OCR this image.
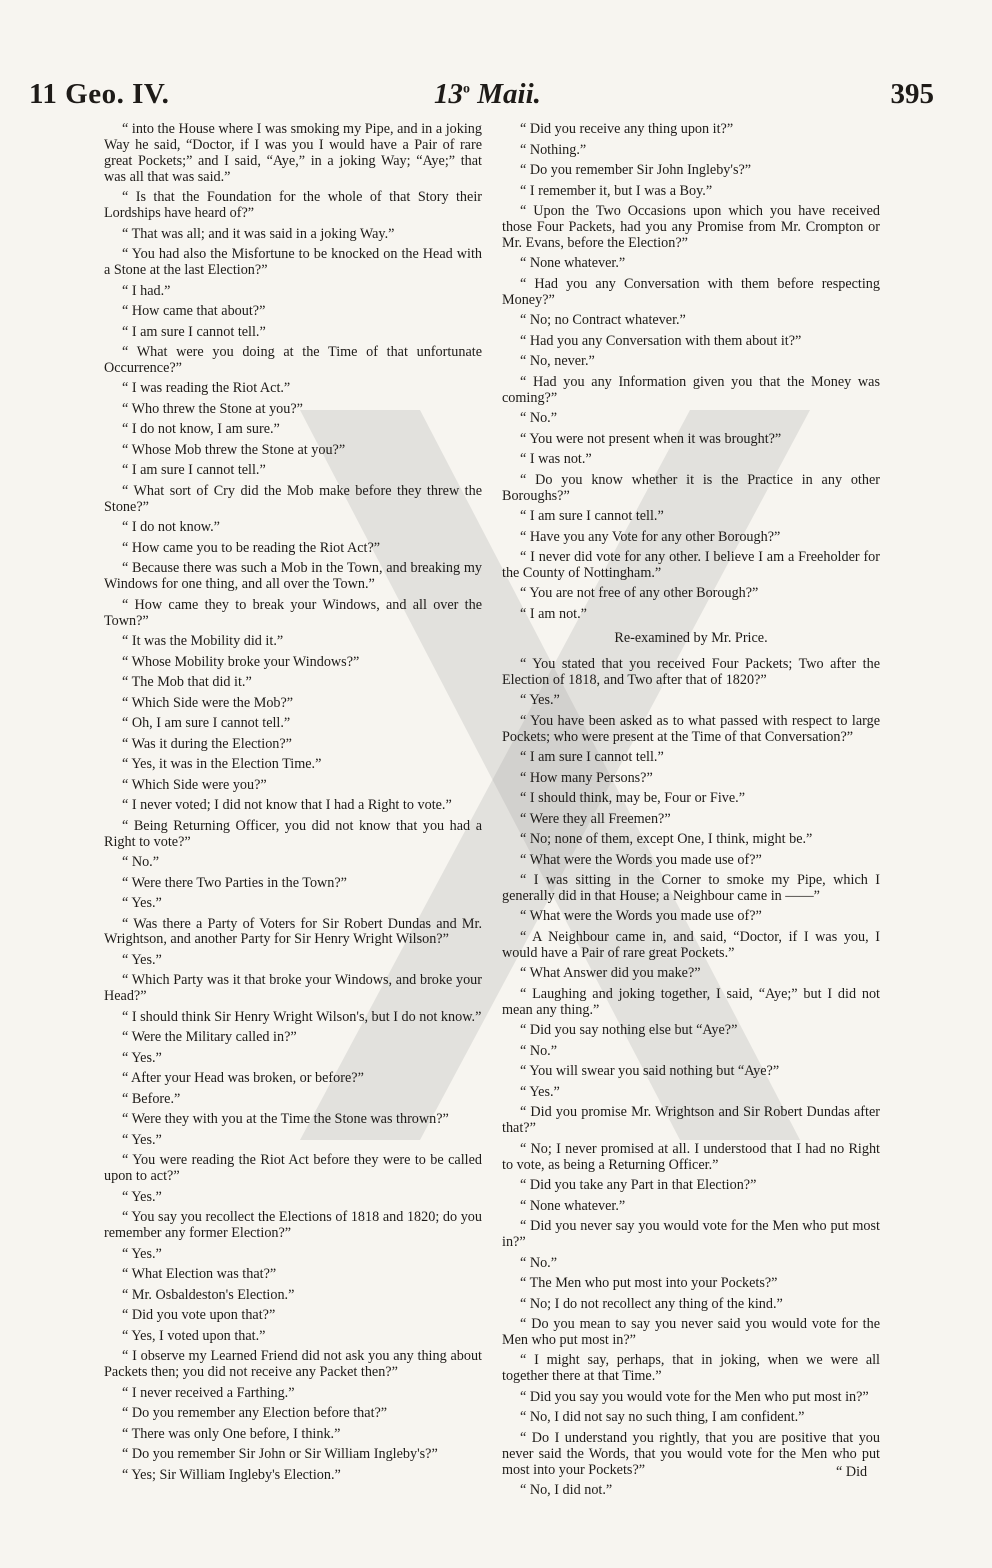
11 Geo. IV.	13$^o$ Maii.	395

“ into the House where I was smoking my Pipe, and in a joking Way he said, “Doctor, if I was you I would have a Pair of rare great Pockets;” and I said, “Aye,” in a joking Way; “Aye;” that was all that was said.”

“ Is that the Foundation for the whole of that Story their Lordships have heard of?”

“ That was all; and it was said in a joking Way.”

“ You had also the Misfortune to be knocked on the Head with a Stone at the last Election?”

“ I had.”

“ How came that about?”

“ I am sure I cannot tell.”

“ What were you doing at the Time of that unfortunate Occurrence?”

“ I was reading the Riot Act.”

“ Who threw the Stone at you?”

“ I do not know, I am sure.”

“ Whose Mob threw the Stone at you?”

“ I am sure I cannot tell.”

“ What sort of Cry did the Mob make before they threw the Stone?”

“ I do not know.”

“ How came you to be reading the Riot Act?”

“ Because there was such a Mob in the Town, and breaking my Windows for one thing, and all over the Town.”

“ How came they to break your Windows, and all over the Town?”

“ It was the Mobility did it.”

“ Whose Mobility broke your Windows?”

“ The Mob that did it.”

“ Which Side were the Mob?”

“ Oh, I am sure I cannot tell.”

“ Was it during the Election?”

“ Yes, it was in the Election Time.”

“ Which Side were you?”

“ I never voted; I did not know that I had a Right to vote.”

“ Being Returning Officer, you did not know that you had a Right to vote?”

“ No.”

“ Were there Two Parties in the Town?”

“ Yes.”

“ Was there a Party of Voters for Sir Robert Dundas and Mr. Wrightson, and another Party for Sir Henry Wright Wilson?”

“ Yes.”

“ Which Party was it that broke your Windows, and broke your Head?”

“ I should think Sir Henry Wright Wilson's, but I do not know.”

“ Were the Military called in?”

“ Yes.”

“ After your Head was broken, or before?”

“ Before.”

“ Were they with you at the Time the Stone was thrown?”

“ Yes.”

“ You were reading the Riot Act before they were to be called upon to act?”

“ Yes.”

“ You say you recollect the Elections of 1818 and 1820; do you remember any former Election?”

“ Yes.”

“ What Election was that?”

“ Mr. Osbaldeston's Election.”

“ Did you vote upon that?”

“ Yes, I voted upon that.”

“ I observe my Learned Friend did not ask you any thing about Packets then; you did not receive any Packet then?”

“ I never received a Farthing.”

“ Do you remember any Election before that?”

“ There was only One before, I think.”

“ Do you remember Sir John or Sir William Ingleby's?”

“ Yes; Sir William Ingleby's Election.”

“ Did you receive any thing upon it?”

“ Nothing.”

“ Do you remember Sir John Ingleby's?”

“ I remember it, but I was a Boy.”

“ Upon the Two Occasions upon which you have received those Four Packets, had you any Promise from Mr. Crompton or Mr. Evans, before the Election?”

“ None whatever.”

“ Had you any Conversation with them before respecting Money?”

“ No; no Contract whatever.”

“ Had you any Conversation with them about it?”

“ No, never.”

“ Had you any Information given you that the Money was coming?”

“ No.”

“ You were not present when it was brought?”

“ I was not.”

“ Do you know whether it is the Practice in any other Boroughs?”

“ I am sure I cannot tell.”

“ Have you any Vote for any other Borough?”

“ I never did vote for any other. I believe I am a Freeholder for the County of Nottingham.”

“ You are not free of any other Borough?”

“ I am not.”

Re-examined by Mr. Price.

“ You stated that you received Four Packets; Two after the Election of 1818, and Two after that of 1820?”

“ Yes.”

“ You have been asked as to what passed with respect to large Pockets; who were present at the Time of that Conversation?”

“ I am sure I cannot tell.”

“ How many Persons?”

“ I should think, may be, Four or Five.”

“ Were they all Freemen?”

“ No; none of them, except One, I think, might be.”

“ What were the Words you made use of?”

“ I was sitting in the Corner to smoke my Pipe, which I generally did in that House; a Neighbour came in ——”

“ What were the Words you made use of?”

“ A Neighbour came in, and said, “Doctor, if I was you, I would have a Pair of rare great Pockets.”

“ What Answer did you make?”

“ Laughing and joking together, I said, “Aye;” but I did not mean any thing.”

“ Did you say nothing else but “Aye?”

“ No.”

“ You will swear you said nothing but “Aye?”

“ Yes.”

“ Did you promise Mr. Wrightson and Sir Robert Dundas after that?”

“ No; I never promised at all. I understood that I had no Right to vote, as being a Returning Officer.”

“ Did you take any Part in that Election?”

“ None whatever.”

“ Did you never say you would vote for the Men who put most in?”

“ No.”

“ The Men who put most into your Pockets?”

“ No; I do not recollect any thing of the kind.”

“ Do you mean to say you never said you would vote for the Men who put most in?”

“ I might say, perhaps, that in joking, when we were all together there at that Time.”

“ Did you say you would vote for the Men who put most in?”

“ No, I did not say no such thing, I am confident.”

“ Do I understand you rightly, that you are positive that you never said the Words, that you would vote for the Men who put most into your Pockets?”

“ No, I did not.”

“ Did
